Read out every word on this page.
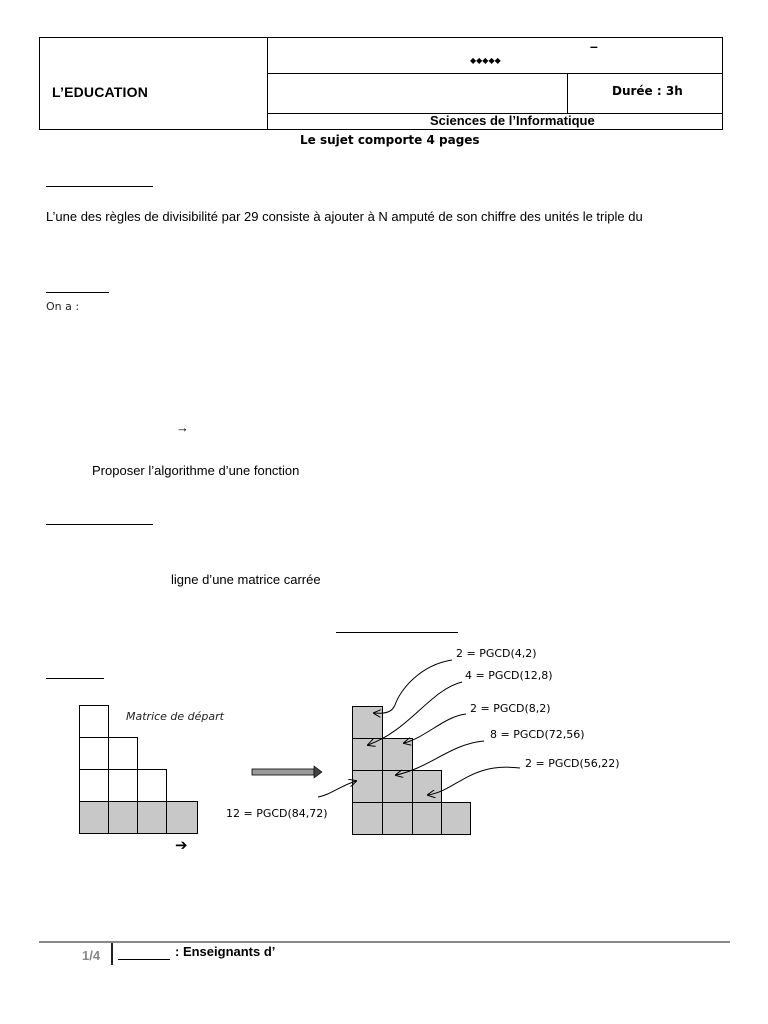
L’EDUCATION
–
◆◆◆◆◆
Durée : 3h
Sciences de l’Informatique
Le sujet comporte 4 pages
L’une des règles de divisibilité par 29 consiste à ajouter à N amputé de son chiffre des unités le triple du
On a :
→
Proposer l’algorithme d’une fonction
ligne d’une matrice carrée
Matrice de départ
2 = PGCD(4,2)
4 = PGCD(12,8)
2 = PGCD(8,2)
8 = PGCD(72,56)
2 = PGCD(56,22)
12 = PGCD(84,72)
➔
1/4	: Enseignants d’
